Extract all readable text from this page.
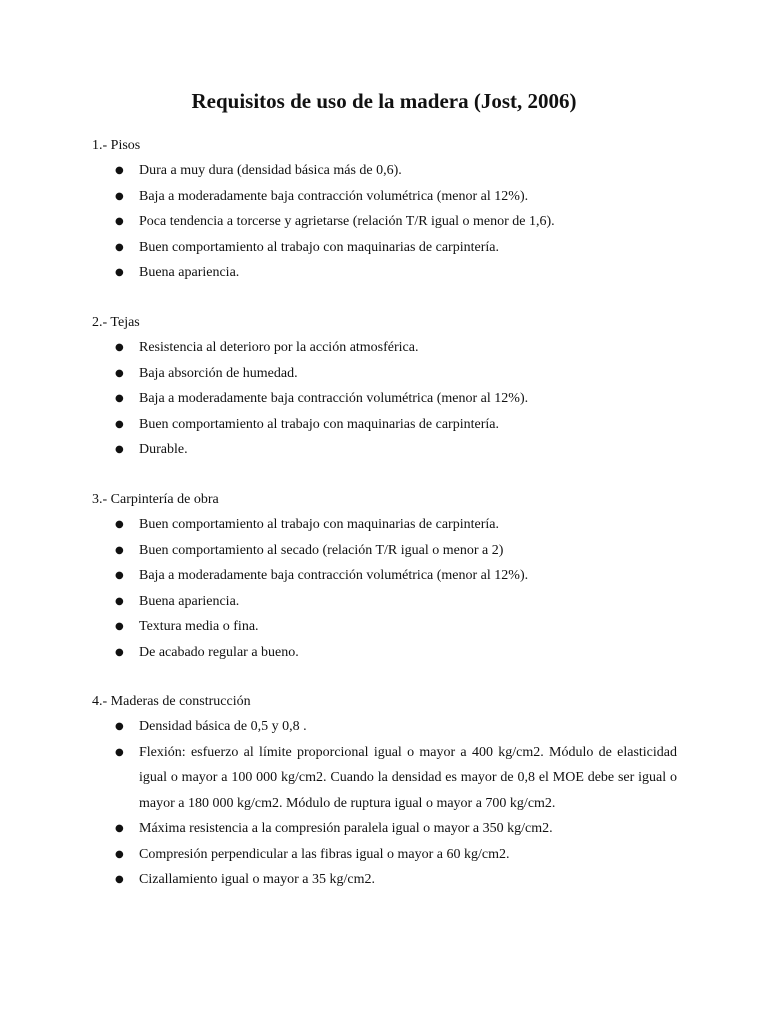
Requisitos de uso de la madera (Jost, 2006)
1.- Pisos
● Dura a muy dura (densidad básica más de 0,6).
● Baja a moderadamente baja contracción volumétrica (menor al 12%).
● Poca tendencia a torcerse y agrietarse (relación T/R igual o menor de 1,6).
● Buen comportamiento al trabajo con maquinarias de carpintería.
● Buena apariencia.
2.- Tejas
● Resistencia al deterioro por la acción atmosférica.
● Baja absorción de humedad.
● Baja a moderadamente baja contracción volumétrica (menor al 12%).
● Buen comportamiento al trabajo con maquinarias de carpintería.
● Durable.
3.- Carpintería de obra
● Buen comportamiento al trabajo con maquinarias de carpintería.
● Buen comportamiento al secado (relación T/R igual o menor a 2)
● Baja a moderadamente baja contracción volumétrica (menor al 12%).
● Buena apariencia.
● Textura media o fina.
● De acabado regular a bueno.
4.- Maderas de construcción
● Densidad básica de 0,5 y 0,8 .
● Flexión: esfuerzo al límite proporcional igual o mayor a 400 kg/cm2. Módulo de elasticidad igual o mayor a 100 000 kg/cm2. Cuando la densidad es mayor de 0,8 el MOE debe ser igual o mayor a 180 000 kg/cm2. Módulo de ruptura igual o mayor a 700 kg/cm2.
● Máxima resistencia a la compresión paralela igual o mayor a 350 kg/cm2.
● Compresión perpendicular a las fibras igual o mayor a 60 kg/cm2.
● Cizallamiento igual o mayor a 35 kg/cm2.
